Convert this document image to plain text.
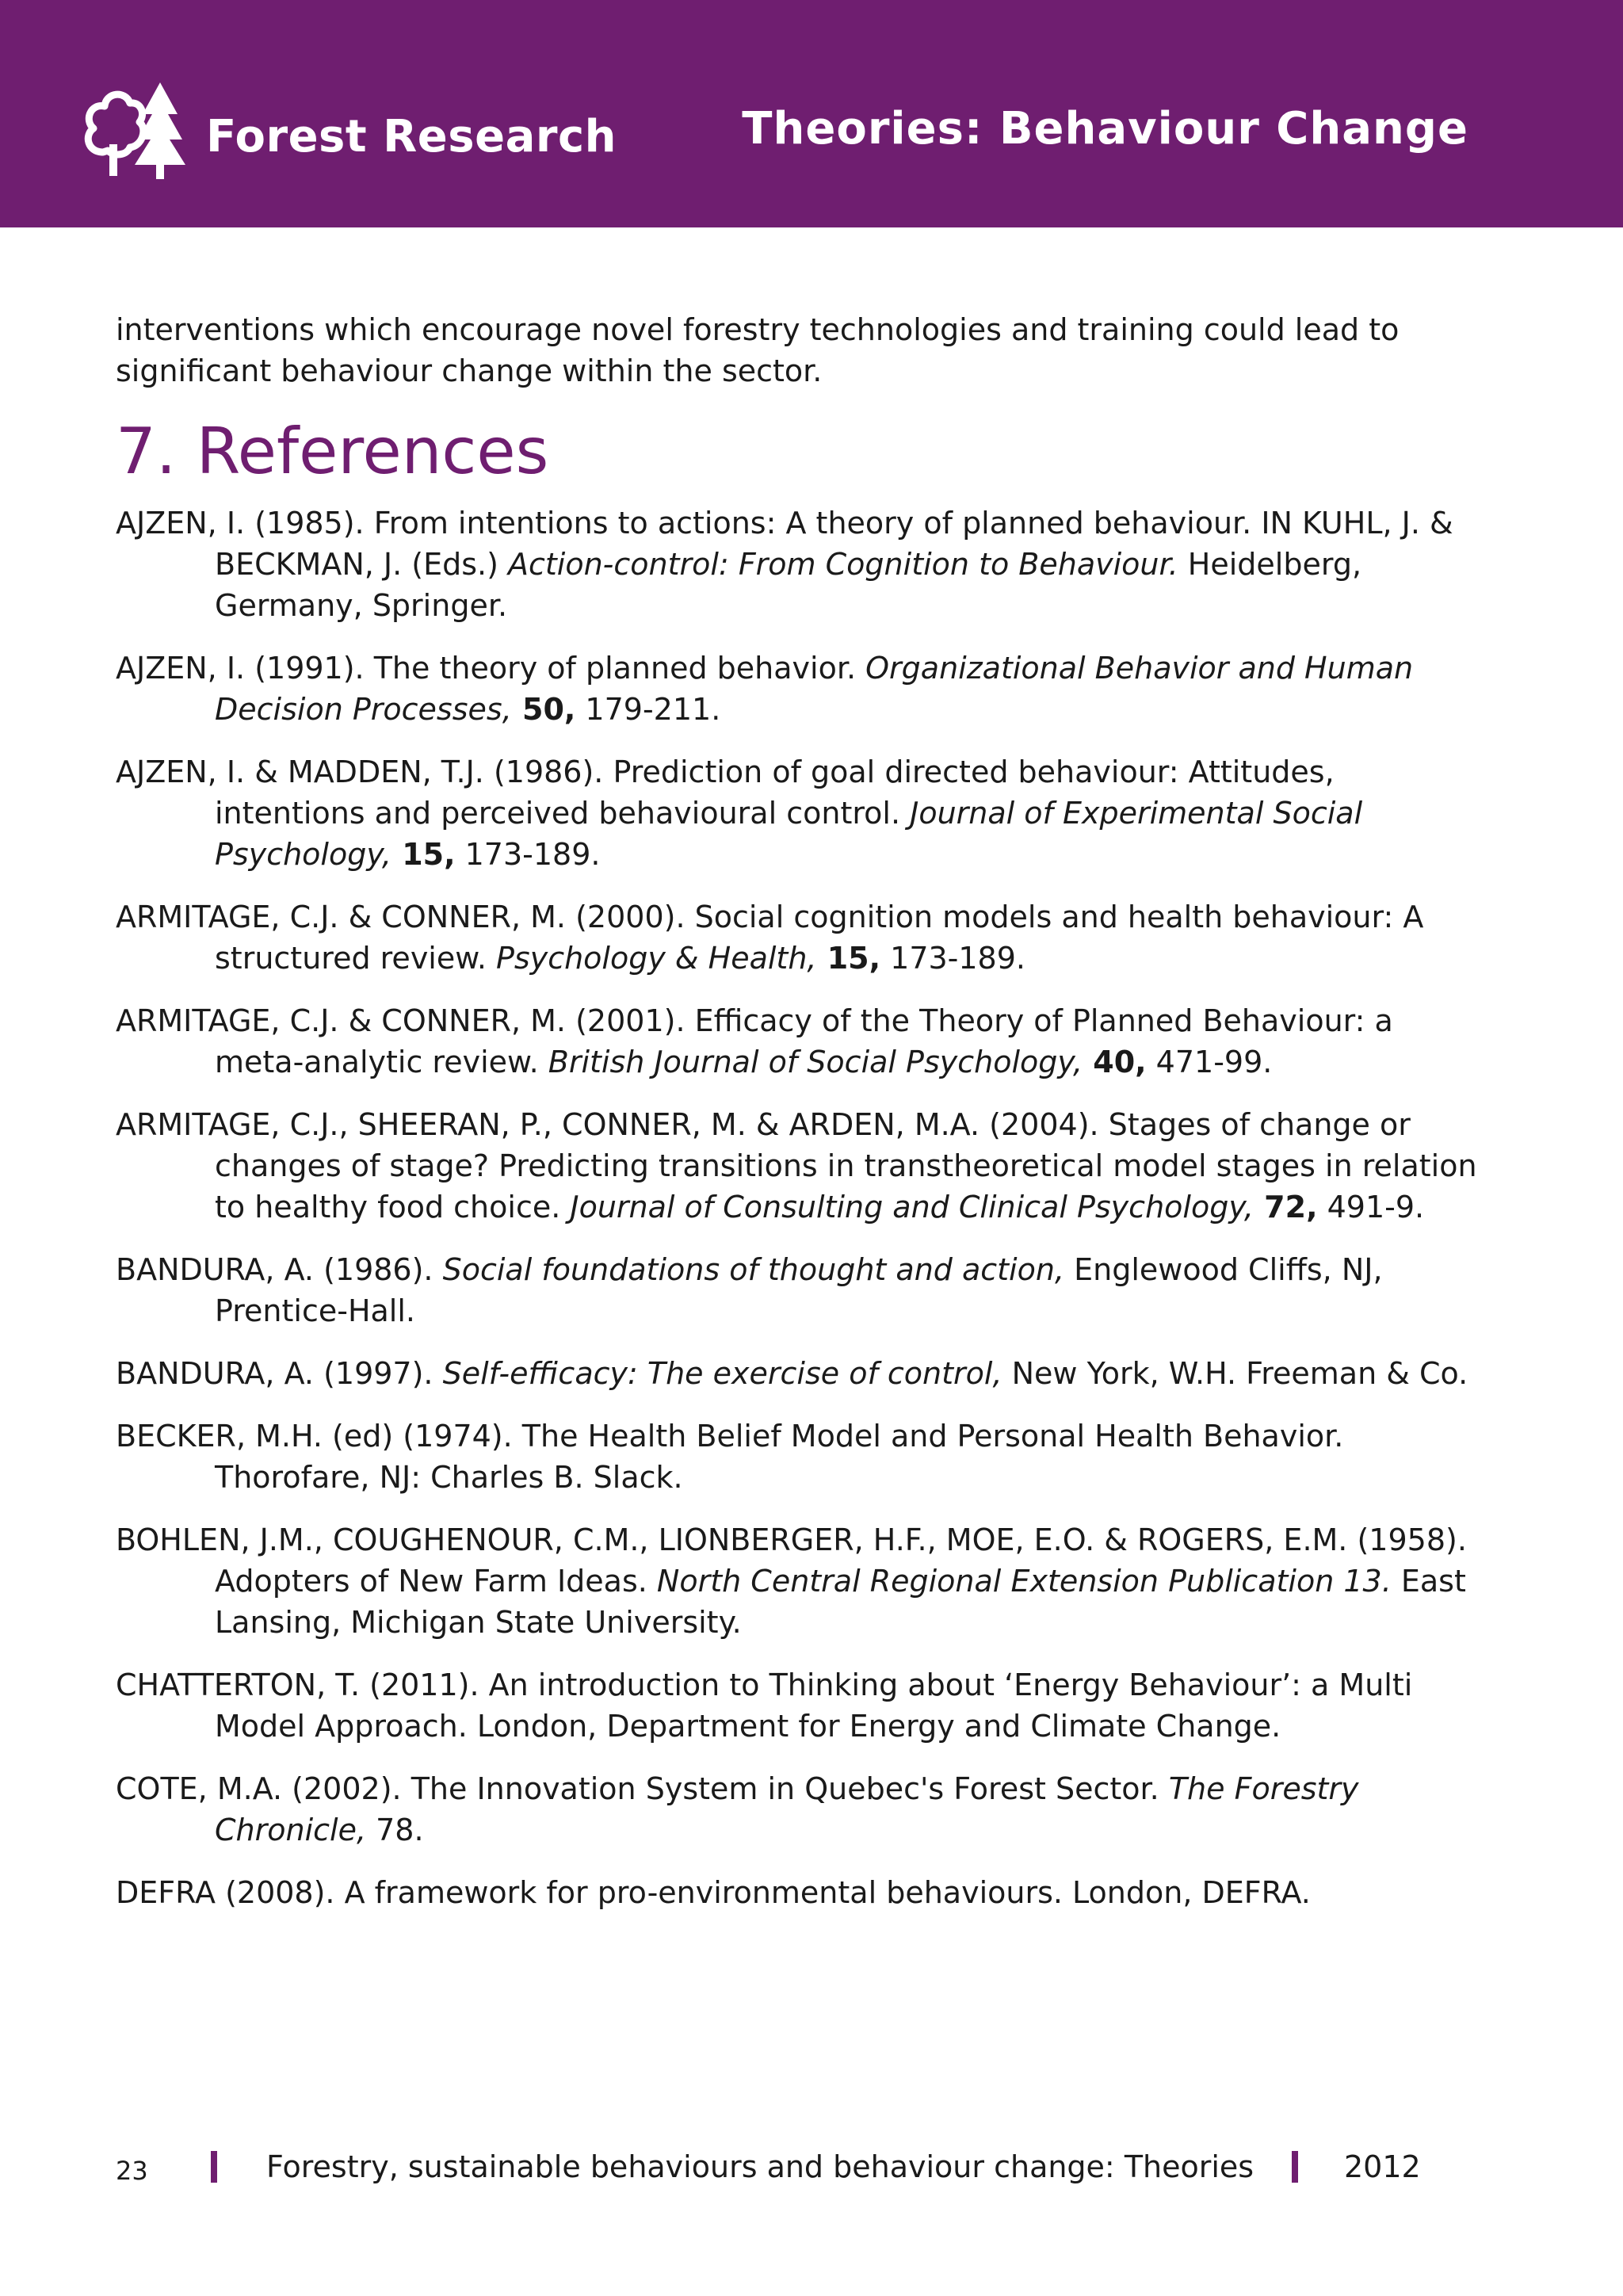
Forest Research	Theories: Behaviour Change

interventions which encourage novel forestry technologies and training could lead to significant behaviour change within the sector.

7. References
AJZEN, I. (1985). From intentions to actions: A theory of planned behaviour. IN KUHL, J. & BECKMAN, J. (Eds.) Action-control: From Cognition to Behaviour. Heidelberg, Germany, Springer.
AJZEN, I. (1991). The theory of planned behavior. Organizational Behavior and Human Decision Processes, 50, 179-211.
AJZEN, I. & MADDEN, T.J. (1986). Prediction of goal directed behaviour: Attitudes, intentions and perceived behavioural control. Journal of Experimental Social Psychology, 15, 173-189.
ARMITAGE, C.J. & CONNER, M. (2000). Social cognition models and health behaviour: A structured review. Psychology & Health, 15, 173-189.
ARMITAGE, C.J. & CONNER, M. (2001). Efficacy of the Theory of Planned Behaviour: a meta-analytic review. British Journal of Social Psychology, 40, 471-99.
ARMITAGE, C.J., SHEERAN, P., CONNER, M. & ARDEN, M.A. (2004). Stages of change or changes of stage? Predicting transitions in transtheoretical model stages in relation to healthy food choice. Journal of Consulting and Clinical Psychology, 72, 491-9.
BANDURA, A. (1986). Social foundations of thought and action, Englewood Cliffs, NJ, Prentice-Hall.
BANDURA, A. (1997). Self-efficacy: The exercise of control, New York, W.H. Freeman & Co.
BECKER, M.H. (ed) (1974). The Health Belief Model and Personal Health Behavior. Thorofare, NJ: Charles B. Slack.
BOHLEN, J.M., COUGHENOUR, C.M., LIONBERGER, H.F., MOE, E.O. & ROGERS, E.M. (1958). Adopters of New Farm Ideas. North Central Regional Extension Publication 13. East Lansing, Michigan State University.
CHATTERTON, T. (2011). An introduction to Thinking about ‘Energy Behaviour’: a Multi Model Approach. London, Department for Energy and Climate Change.
COTE, M.A. (2002). The Innovation System in Quebec's Forest Sector. The Forestry Chronicle, 78.
DEFRA (2008). A framework for pro-environmental behaviours. London, DEFRA.
23	Forestry, sustainable behaviours and behaviour change: Theories	2012
